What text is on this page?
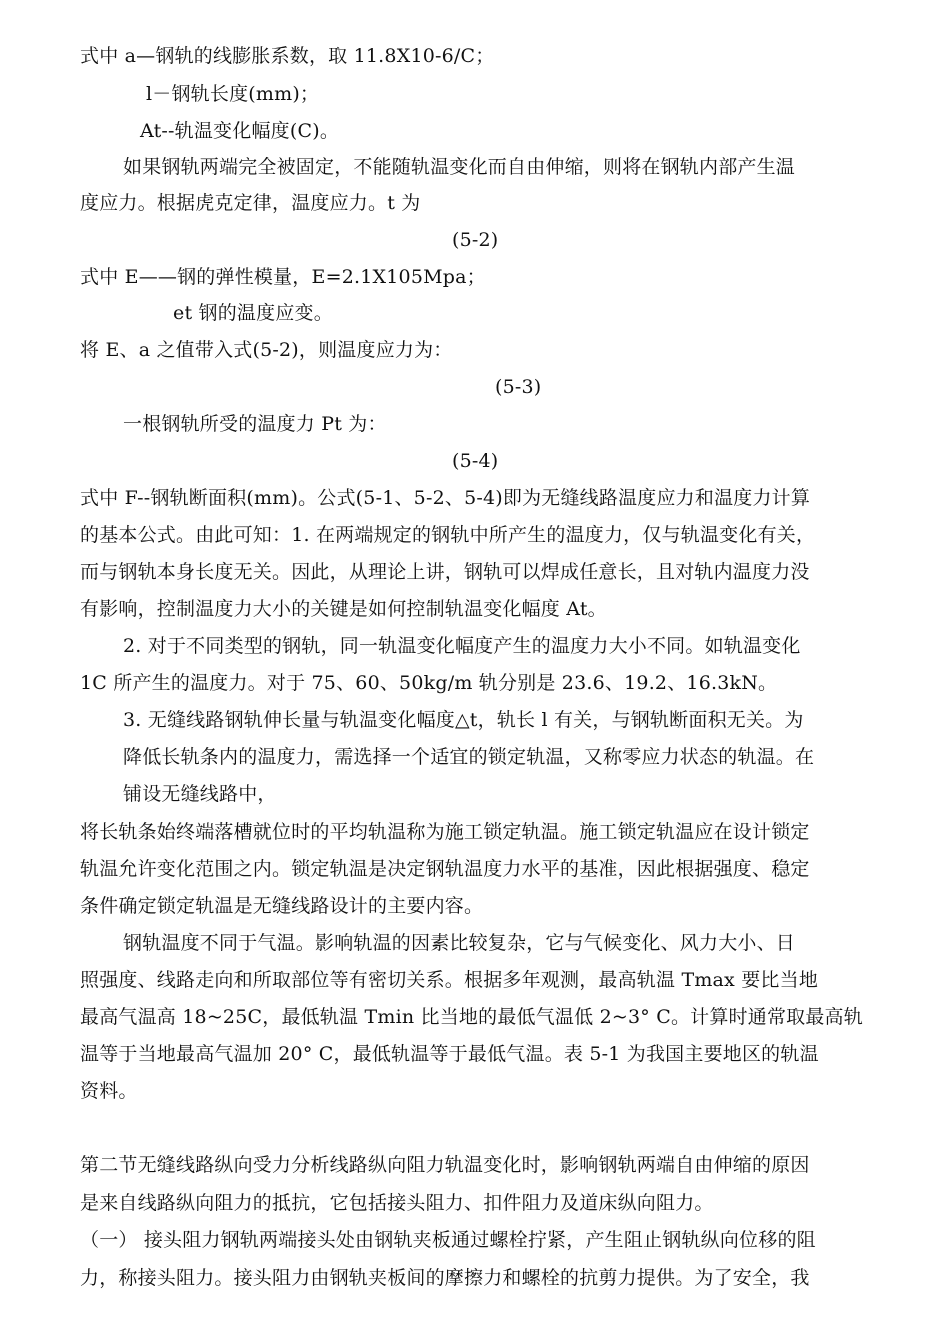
式中 a—钢轨的线膨胀系数，取 11.8X10-6/C；
l－钢轨长度(mm)；
At--轨温变化幅度(C)。
如果钢轨两端完全被固定，不能随轨温变化而自由伸缩，则将在钢轨内部产生温
度应力。根据虎克定律，温度应力。t 为
(5-2)
式中 E——钢的弹性模量，E=2.1X105Mpa；
et 钢的温度应变。
将 E、a 之值带入式(5-2)，则温度应力为：
(5-3)
一根钢轨所受的温度力 Pt 为：
(5-4)
式中 F--钢轨断面积(mm)。公式(5-1、5-2、5-4)即为无缝线路温度应力和温度力计算
的基本公式。由此可知：1. 在两端规定的钢轨中所产生的温度力，仅与轨温变化有关，
而与钢轨本身长度无关。因此，从理论上讲，钢轨可以焊成任意长，且对轨内温度力没
有影响，控制温度力大小的关键是如何控制轨温变化幅度 At。
2. 对于不同类型的钢轨，同一轨温变化幅度产生的温度力大小不同。如轨温变化
1C 所产生的温度力。对于 75、60、50kg/m 轨分别是 23.6、19.2、16.3kN。
3. 无缝线路钢轨伸长量与轨温变化幅度△t，轨长 l 有关，与钢轨断面积无关。为
降低长轨条内的温度力，需选择一个适宜的锁定轨温，又称零应力状态的轨温。在
铺设无缝线路中，
将长轨条始终端落槽就位时的平均轨温称为施工锁定轨温。施工锁定轨温应在设计锁定
轨温允许变化范围之内。锁定轨温是决定钢轨温度力水平的基准，因此根据强度、稳定
条件确定锁定轨温是无缝线路设计的主要内容。
钢轨温度不同于气温。影响轨温的因素比较复杂，它与气候变化、风力大小、日
照强度、线路走向和所取部位等有密切关系。根据多年观测，最高轨温 Tmax 要比当地
最高气温高 18~25C，最低轨温 Tmin 比当地的最低气温低 2~3° C。计算时通常取最高轨
温等于当地最高气温加 20° C，最低轨温等于最低气温。表 5-1 为我国主要地区的轨温
资料。
第二节无缝线路纵向受力分析线路纵向阻力轨温变化时，影响钢轨两端自由伸缩的原因
是来自线路纵向阻力的抵抗，它包括接头阻力、扣件阻力及道床纵向阻力。
（一） 接头阻力钢轨两端接头处由钢轨夹板通过螺栓拧紧，产生阻止钢轨纵向位移的阻
力，称接头阻力。接头阻力由钢轨夹板间的摩擦力和螺栓的抗剪力提供。为了安全，我
